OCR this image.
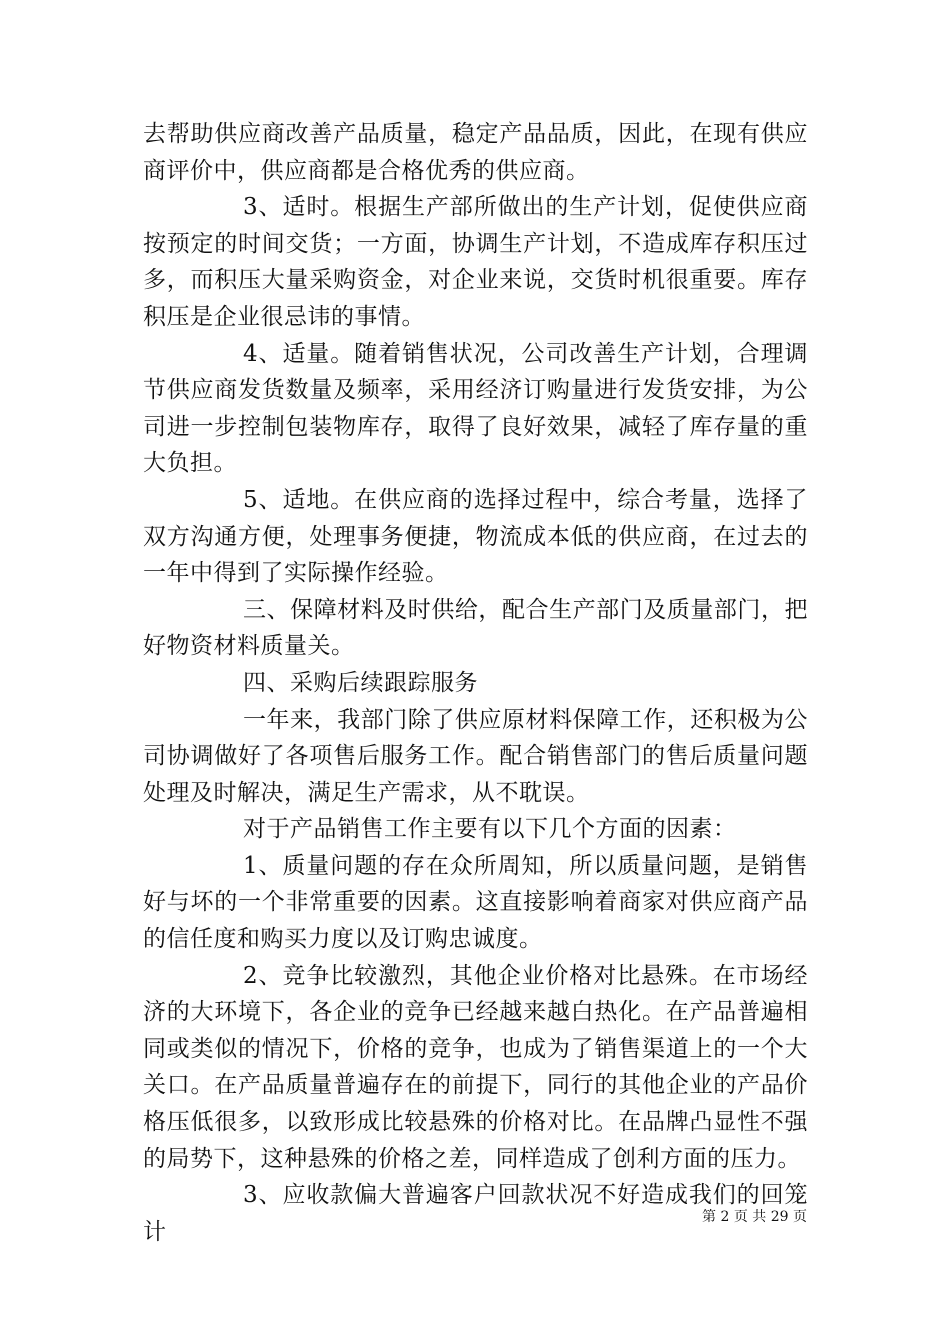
去帮助供应商改善产品质量，稳定产品品质，因此，在现有供应商评价中，供应商都是合格优秀的供应商。

3、适时。根据生产部所做出的生产计划，促使供应商按预定的时间交货；一方面，协调生产计划，不造成库存积压过多，而积压大量采购资金，对企业来说，交货时机很重要。库存积压是企业很忌讳的事情。

4、适量。随着销售状况，公司改善生产计划，合理调节供应商发货数量及频率，采用经济订购量进行发货安排，为公司进一步控制包装物库存，取得了良好效果，减轻了库存量的重大负担。

5、适地。在供应商的选择过程中，综合考量，选择了双方沟通方便，处理事务便捷，物流成本低的供应商，在过去的一年中得到了实际操作经验。

三、保障材料及时供给，配合生产部门及质量部门，把好物资材料质量关。

四、采购后续跟踪服务

一年来，我部门除了供应原材料保障工作，还积极为公司协调做好了各项售后服务工作。配合销售部门的售后质量问题处理及时解决，满足生产需求，从不耽误。

对于产品销售工作主要有以下几个方面的因素：

1、质量问题的存在众所周知，所以质量问题，是销售好与坏的一个非常重要的因素。这直接影响着商家对供应商产品的信任度和购买力度以及订购忠诚度。

2、竞争比较激烈，其他企业价格对比悬殊。在市场经济的大环境下，各企业的竞争已经越来越白热化。在产品普遍相同或类似的情况下，价格的竞争，也成为了销售渠道上的一个大关口。在产品质量普遍存在的前提下，同行的其他企业的产品价格压低很多，以致形成比较悬殊的价格对比。在品牌凸显性不强的局势下，这种悬殊的价格之差，同样造成了创利方面的压力。

3、应收款偏大普遍客户回款状况不好造成我们的回笼计

第 2 页 共 29 页
